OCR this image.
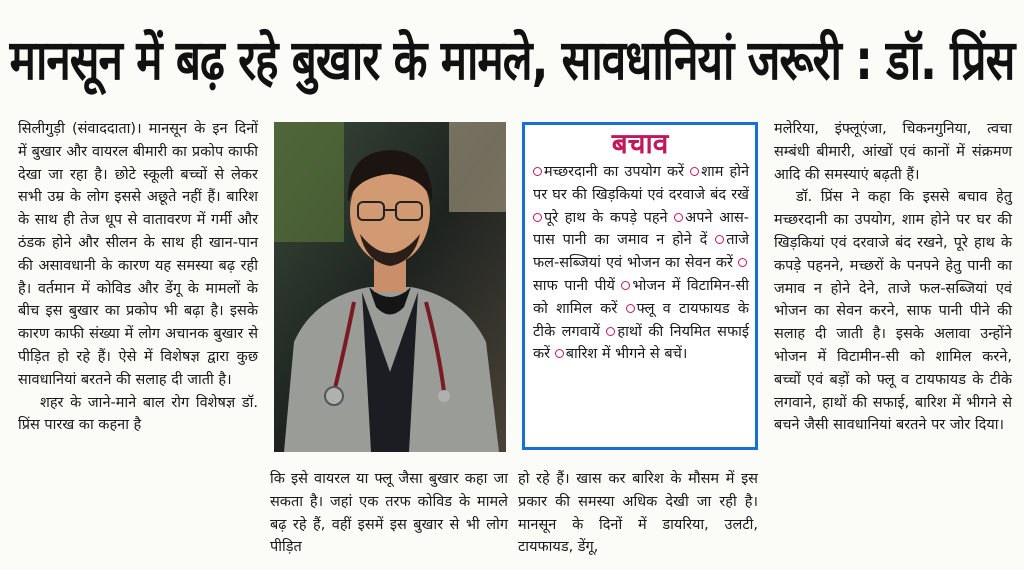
मानसून में बढ़ रहे बुखार के मामले, सावधानियां जरूरी : डॉ. प्रिंस

सिलीगुड़ी (संवाददाता)। मानसून के इन दिनों में बुखार और वायरल बीमारी का प्रकोप काफी देखा जा रहा है। छोटे स्कूली बच्चों से लेकर सभी उम्र के लोग इससे अछूते नहीं हैं। बारिश के साथ ही तेज धूप से वातावरण में गर्मी और ठंडक होने और सीलन के साथ ही खान-पान की असावधानी के कारण यह समस्या बढ़ रही है। वर्तमान में कोविड और डेंगू के मामलों के बीच इस बुखार का प्रकोप भी बढ़ा है। इसके कारण काफी संख्या में लोग अचानक बुखार से पीड़ित हो रहे हैं। ऐसे में विशेषज्ञ द्वारा कुछ सावधानियां बरतने की सलाह दी जाती है।

शहर के जाने-माने बाल रोग विशेषज्ञ डॉ. प्रिंस पारख का कहना है

बचाव
मच्छरदानी का उपयोग करें शाम होने पर घर की खिड़कियां एवं दरवाजे बंद रखें पूरे हाथ के कपड़े पहने अपने आस-पास पानी का जमाव न होने दें ताजे फल-सब्जियां एवं भोजन का सेवन करें साफ पानी पीयें भोजन में विटामिन-सी को शामिल करें फ्लू व टायफायड के टीके लगवायें हाथों की नियमित सफाई करें बारिश में भीगने से बचें।

कि इसे वायरल या फ्लू जैसा बुखार कहा जा सकता है। जहां एक तरफ कोविड के मामले बढ़ रहे हैं, वहीं इसमें इस बुखार से भी लोग पीड़ित

हो रहे हैं। खास कर बारिश के मौसम में इस प्रकार की समस्या अधिक देखी जा रही है। मानसून के दिनों में डायरिया, उलटी, टायफायड, डेंगू,

मलेरिया, इंफ्लूएंजा, चिकनगुनिया, त्वचा सम्बंधी बीमारी, आंखों एवं कानों में संक्रमण आदि की समस्याएं बढ़ती हैं।

डॉ. प्रिंस ने कहा कि इससे बचाव हेतु मच्छरदानी का उपयोग, शाम होने पर घर की खिड़कियां एवं दरवाजे बंद रखने, पूरे हाथ के कपड़े पहनने, मच्छरों के पनपने हेतु पानी का जमाव न होने देने, ताजे फल-सब्जियां एवं भोजन का सेवन करने, साफ पानी पीने की सलाह दी जाती है। इसके अलावा उन्होंने भोजन में विटामीन-सी को शामिल करने, बच्चों एवं बड़ों को फ्लू व टायफायड के टीके लगवाने, हाथों की सफाई, बारिश में भीगने से बचने जैसी सावधानियां बरतने पर जोर दिया।
